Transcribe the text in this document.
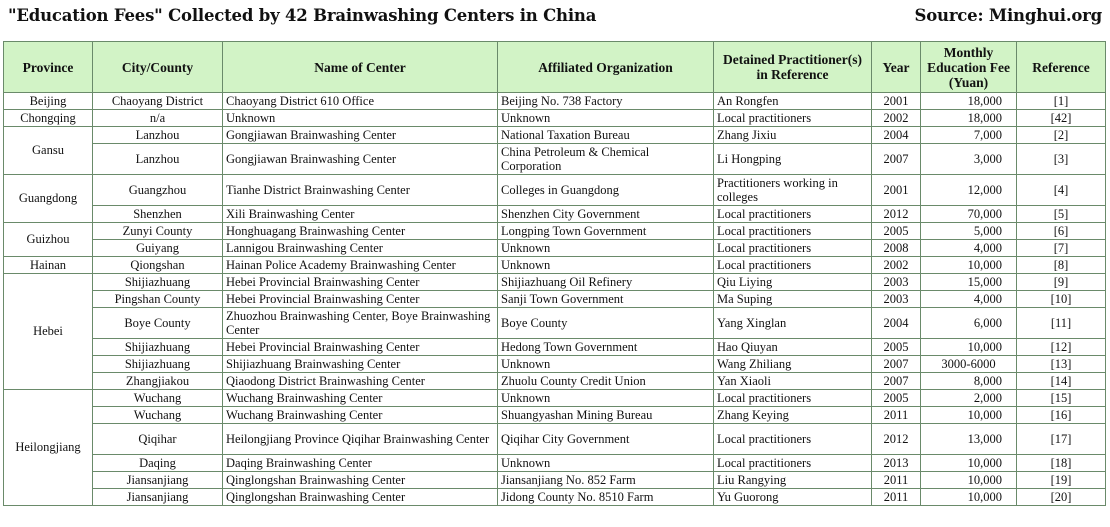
"Education Fees" Collected by 42 Brainwashing Centers in China	Source: Minghui.org
Province	City/County	Name of Center	Affiliated Organization	Detained Practitioner(s) in Reference	Year	Monthly Education Fee (Yuan)	Reference
Beijing	Chaoyang District	Chaoyang District 610 Office	Beijing No. 738 Factory	An Rongfen	2001	18,000	[1]
Chongqing	n/a	Unknown	Unknown	Local practitioners	2002	18,000	[42]
Gansu	Lanzhou	Gongjiawan Brainwashing Center	National Taxation Bureau	Zhang Jixiu	2004	7,000	[2]
	Lanzhou	Gongjiawan Brainwashing Center	China Petroleum & Chemical Corporation	Li Hongping	2007	3,000	[3]
Guangdong	Guangzhou	Tianhe District Brainwashing Center	Colleges in Guangdong	Practitioners working in colleges	2001	12,000	[4]
	Shenzhen	Xili Brainwashing Center	Shenzhen City Government	Local practitioners	2012	70,000	[5]
Guizhou	Zunyi County	Honghuagang Brainwashing Center	Longping Town Government	Local practitioners	2005	5,000	[6]
	Guiyang	Lannigou Brainwashing Center	Unknown	Local practitioners	2008	4,000	[7]
Hainan	Qiongshan	Hainan Police Academy Brainwashing Center	Unknown	Local practitioners	2002	10,000	[8]
Hebei	Shijiazhuang	Hebei Provincial Brainwashing Center	Shijiazhuang Oil Refinery	Qiu Liying	2003	15,000	[9]
	Pingshan County	Hebei Provincial Brainwashing Center	Sanji Town Government	Ma Suping	2003	4,000	[10]
	Boye County	Zhuozhou Brainwashing Center, Boye Brainwashing Center	Boye County	Yang Xinglan	2004	6,000	[11]
	Shijiazhuang	Hebei Provincial Brainwashing Center	Hedong Town Government	Hao Qiuyan	2005	10,000	[12]
	Shijiazhuang	Shijiazhuang Brainwashing Center	Unknown	Wang Zhiliang	2007	3000-6000	[13]
	Zhangjiakou	Qiaodong District Brainwashing Center	Zhuolu County Credit Union	Yan Xiaoli	2007	8,000	[14]
Heilongjiang	Wuchang	Wuchang Brainwashing Center	Unknown	Local practitioners	2005	2,000	[15]
	Wuchang	Wuchang Brainwashing Center	Shuangyashan Mining Bureau	Zhang Keying	2011	10,000	[16]
	Qiqihar	Heilongjiang Province Qiqihar Brainwashing Center	Qiqihar City Government	Local practitioners	2012	13,000	[17]
	Daqing	Daqing Brainwashing Center	Unknown	Local practitioners	2013	10,000	[18]
	Jiansanjiang	Qinglongshan Brainwashing Center	Jiansanjiang No. 852 Farm	Liu Rangying	2011	10,000	[19]
	Jiansanjiang	Qinglongshan Brainwashing Center	Jidong County No. 8510 Farm	Yu Guorong	2011	10,000	[20]
